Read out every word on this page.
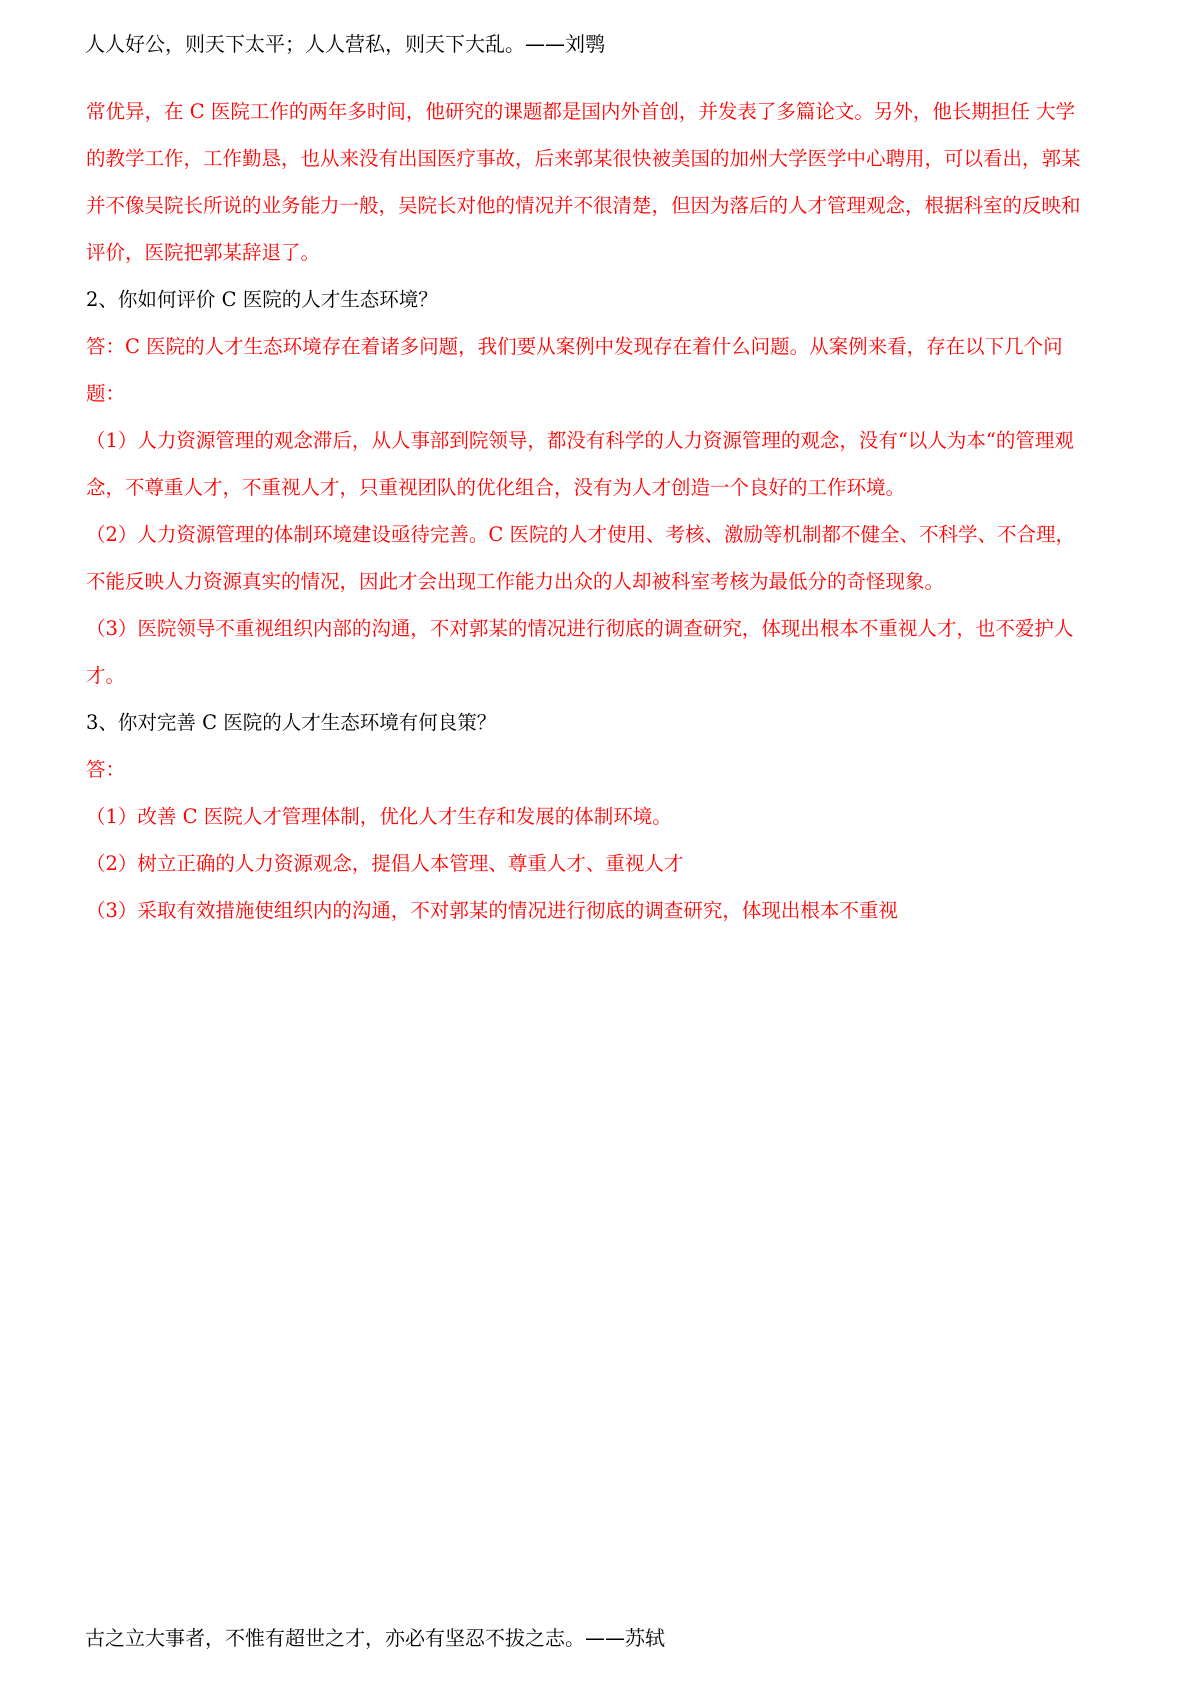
人人好公，则天下太平；人人营私，则天下大乱。——刘鹗

常优异，在 C 医院工作的两年多时间，他研究的课题都是国内外首创，并发表了多篇论文。另外，他长期担任 大学的教学工作，工作勤恳，也从来没有出国医疗事故，后来郭某很快被美国的加州大学医学中心聘用，可以看出，郭某并不像吴院长所说的业务能力一般，吴院长对他的情况并不很清楚，但因为落后的人才管理观念，根据科室的反映和评价，医院把郭某辞退了。

2、你如何评价 C 医院的人才生态环境？

答：C 医院的人才生态环境存在着诸多问题，我们要从案例中发现存在着什么问题。从案例来看，存在以下几个问题：

（1）人力资源管理的观念滞后，从人事部到院领导，都没有科学的人力资源管理的观念，没有“以人为本“的管理观念，不尊重人才，不重视人才，只重视团队的优化组合，没有为人才创造一个良好的工作环境。

（2）人力资源管理的体制环境建设亟待完善。C 医院的人才使用、考核、激励等机制都不健全、不科学、不合理，不能反映人力资源真实的情况，因此才会出现工作能力出众的人却被科室考核为最低分的奇怪现象。

（3）医院领导不重视组织内部的沟通，不对郭某的情况进行彻底的调查研究，体现出根本不重视人才，也不爱护人才。

3、你对完善 C 医院的人才生态环境有何良策？

答：

（1）改善 C 医院人才管理体制，优化人才生存和发展的体制环境。

（2）树立正确的人力资源观念，提倡人本管理、尊重人才、重视人才

（3）采取有效措施使组织内的沟通，不对郭某的情况进行彻底的调查研究，体现出根本不重视

古之立大事者，不惟有超世之才，亦必有坚忍不拔之志。——苏轼
